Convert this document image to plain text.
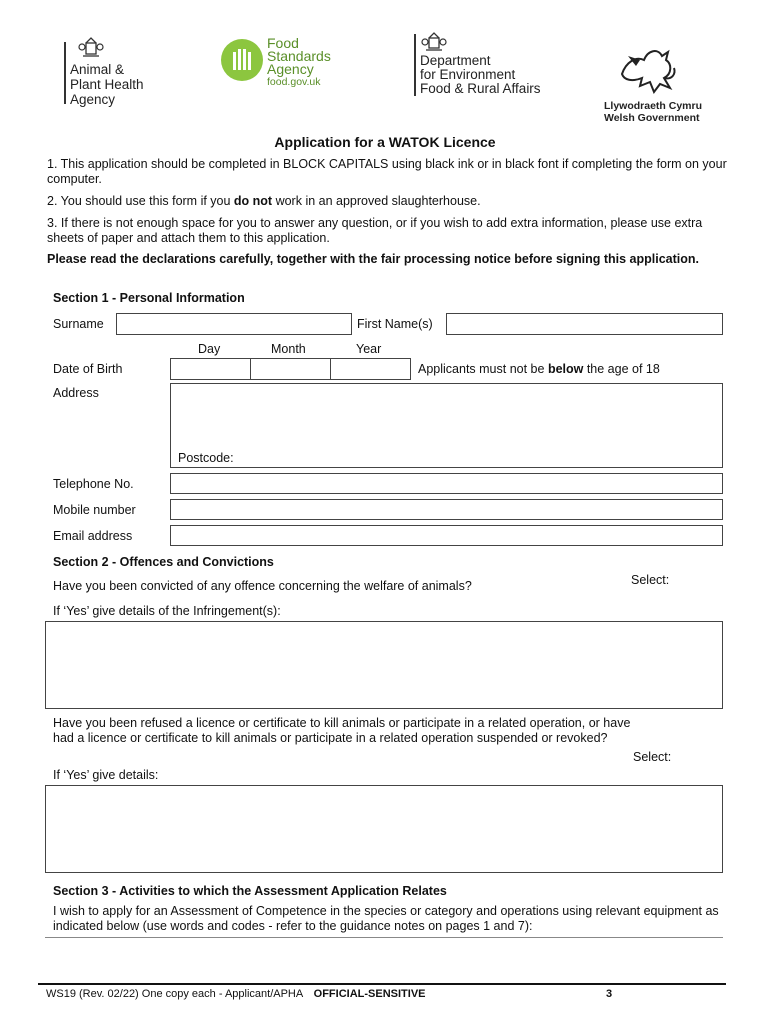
Animal &
Plant Health
Agency
Food
Standards
Agency
food.gov.uk
Department
for Environment
Food & Rural Affairs
Llywodraeth Cymru
Welsh Government
Application for a WATOK Licence
1. This application should be completed in BLOCK CAPITALS using black ink or in black font if completing the form on your computer.
2. You should use this form if you do not work in an approved slaughterhouse.
3. If there is not enough space for you to answer any question, or if you wish to add extra information, please use extra sheets of paper and attach them to this application.
Please read the declarations carefully, together with the fair processing notice before signing this application.
Section 1 - Personal Information
Surname	First Name(s)
Day	Month	Year
Date of Birth	Applicants must not be below the age of 18
Address
Postcode:
Telephone No.
Mobile number
Email address
Section 2 - Offences and Convictions
Have you been convicted of any offence concerning the welfare of animals?	Select:
If ‘Yes’ give details of the Infringement(s):
Have you been refused a licence or certificate to kill animals or participate in a related operation, or have had a licence or certificate to kill animals or participate in a related operation suspended or revoked?
Select:
If ‘Yes’ give details:
Section 3 - Activities to which the Assessment Application Relates
I wish to apply for an Assessment of Competence in the species or category and operations using relevant equipment as indicated below (use words and codes - refer to the guidance notes on pages 1 and 7):
WS19 (Rev. 02/22) One copy each - Applicant/APHA OFFICIAL-SENSITIVE	3
